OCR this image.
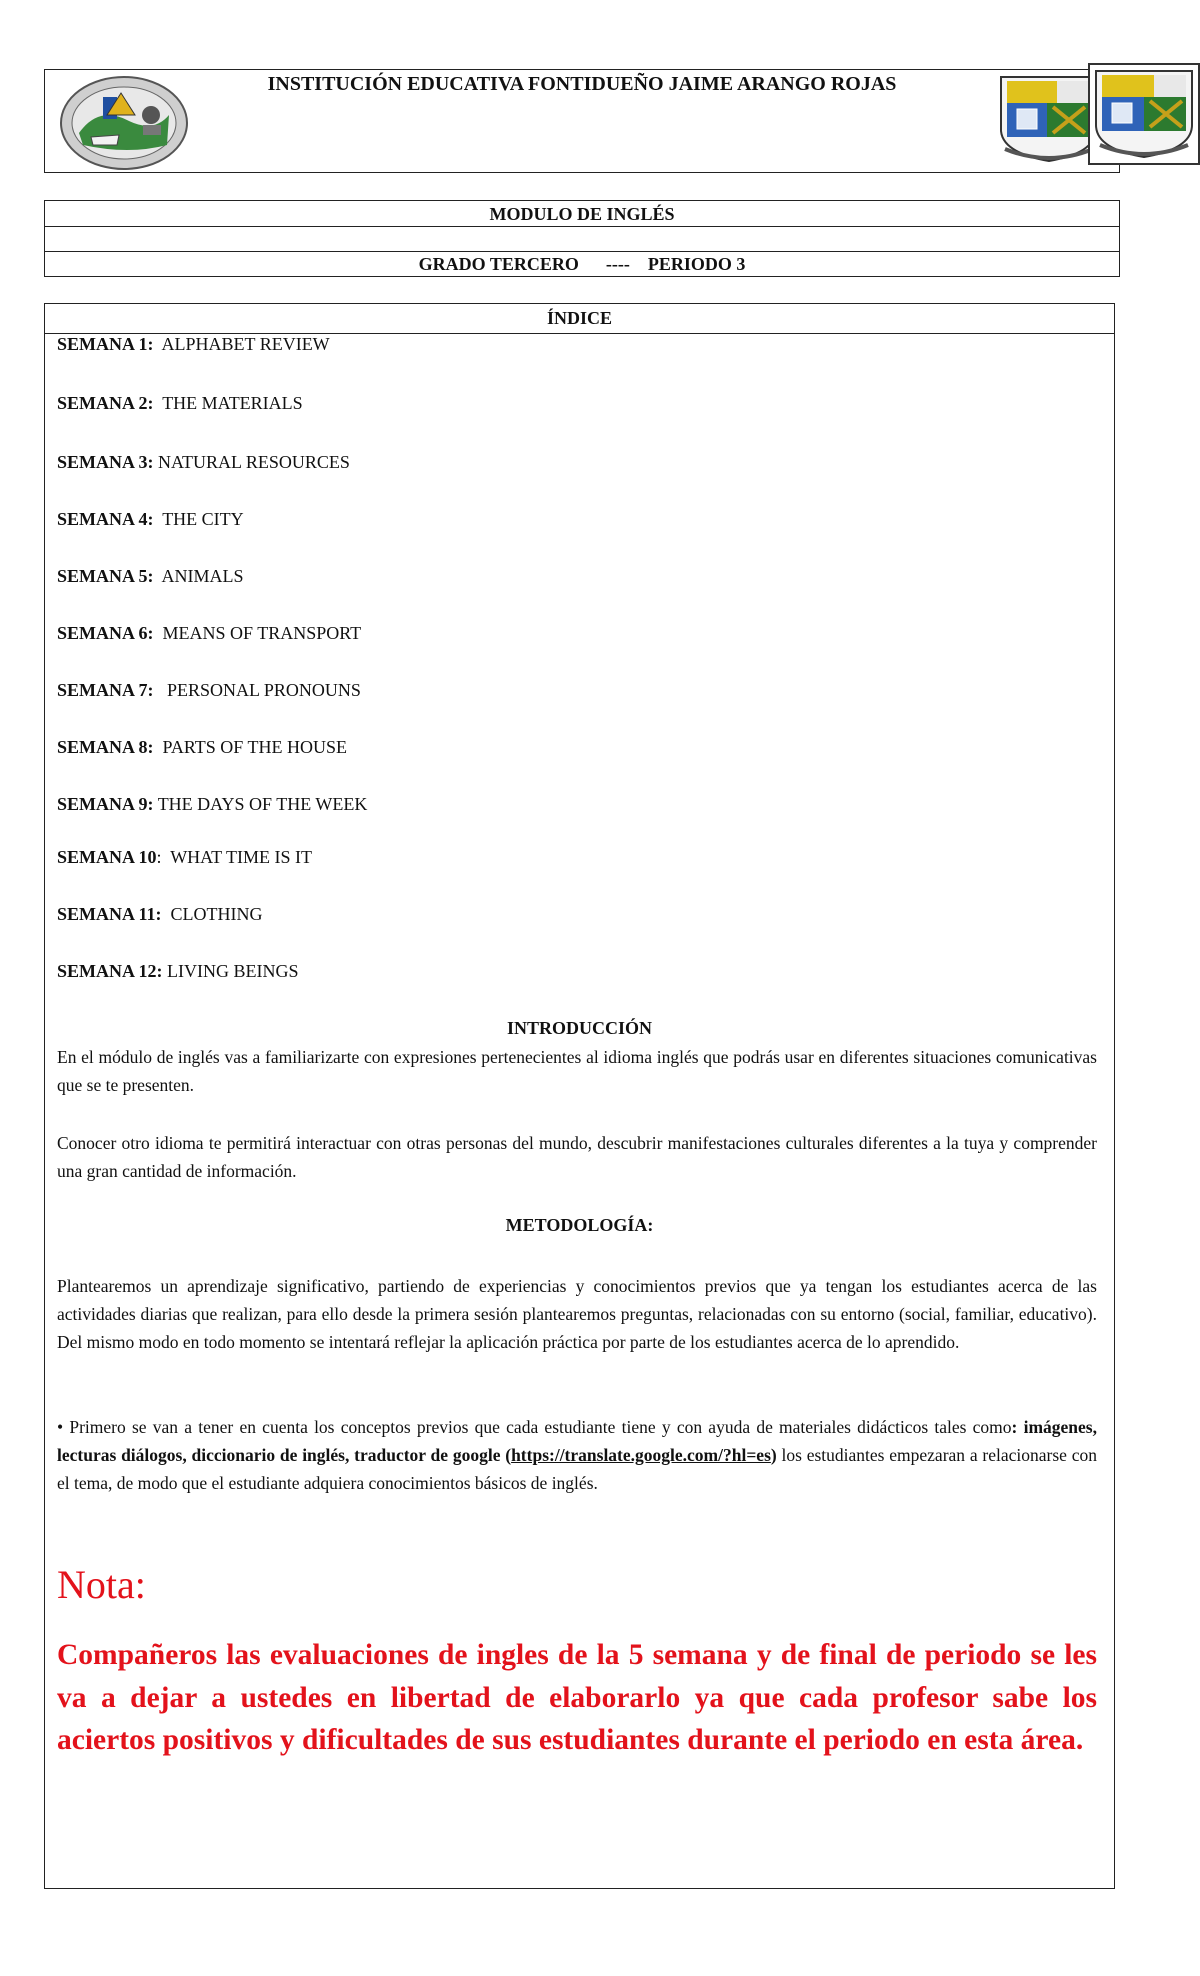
INSTITUCIÓN EDUCATIVA FONTIDUEÑO JAIME ARANGO ROJAS
MODULO DE INGLÉS
GRADO TERCERO      ----    PERIODO 3
ÍNDICE
SEMANA 1:  ALPHABET REVIEW
SEMANA 2:  THE MATERIALS
SEMANA 3: NATURAL RESOURCES
SEMANA 4:  THE CITY
SEMANA 5:  ANIMALS
SEMANA 6:  MEANS OF TRANSPORT
SEMANA 7:   PERSONAL PRONOUNS
SEMANA 8:  PARTS OF THE HOUSE
SEMANA 9: THE DAYS OF THE WEEK
SEMANA 10:  WHAT TIME IS IT
SEMANA 11:  CLOTHING
SEMANA 12: LIVING BEINGS
INTRODUCCIÓN
En el módulo de inglés vas a familiarizarte con expresiones pertenecientes al idioma inglés que podrás usar en diferentes situaciones comunicativas que se te presenten.
Conocer otro idioma te permitirá interactuar con otras personas del mundo, descubrir manifestaciones culturales diferentes a la tuya y comprender una gran cantidad de información.
METODOLOGÍA:
Plantearemos un aprendizaje significativo, partiendo de experiencias y conocimientos previos que ya tengan los estudiantes acerca de las actividades diarias que realizan, para ello desde la primera sesión plantearemos preguntas, relacionadas con su entorno (social, familiar, educativo). Del mismo modo en todo momento se intentará reflejar la aplicación práctica por parte de los estudiantes acerca de lo aprendido.
• Primero se van a tener en cuenta los conceptos previos que cada estudiante tiene y con ayuda de materiales didácticos tales como: imágenes, lecturas diálogos, diccionario de inglés, traductor de google (https://translate.google.com/?hl=es) los estudiantes empezaran a relacionarse con el tema, de modo que el estudiante adquiera conocimientos básicos de inglés.
Nota:
Compañeros las evaluaciones de ingles de la 5 semana y de final de periodo se les va a dejar a ustedes en libertad de elaborarlo ya que cada profesor sabe los aciertos positivos y dificultades de sus estudiantes durante el periodo en esta área.
